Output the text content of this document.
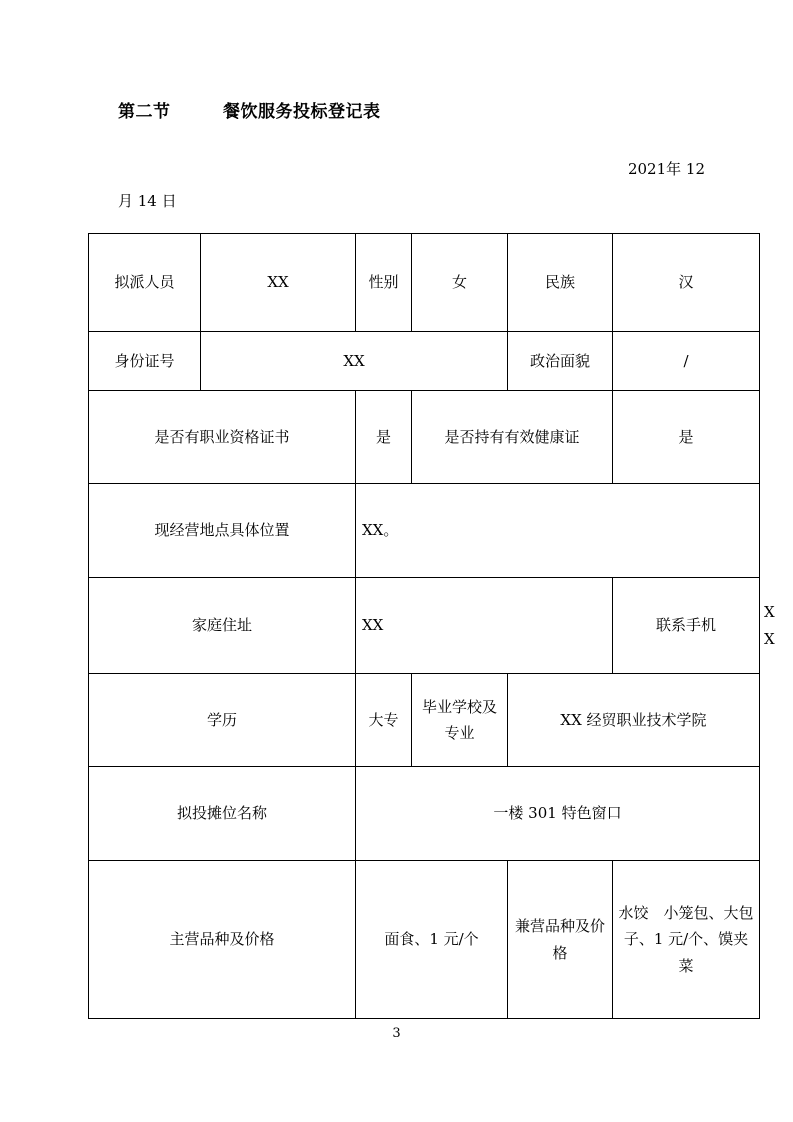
第二节　　　餐饮服务投标登记表
2021年 12
月 14 日
拟派人员	XX	性别	女	民族	汉	
身份证号	XX			政治面貌	/	
是否有职业资格证书		是	是否持有有效健康证		是	
现经营地点具体位置		XX。				
家庭住址		XX			联系手机	XX
学历		大专	毕业学校及专业	XX 经贸职业技术学院		
拟投摊位名称		一楼 301 特色窗口				
主营品种及价格		面食、1 元/个		兼营品种及价格	水饺　小笼包、大包子、1 元/个、馍夹菜	
3
